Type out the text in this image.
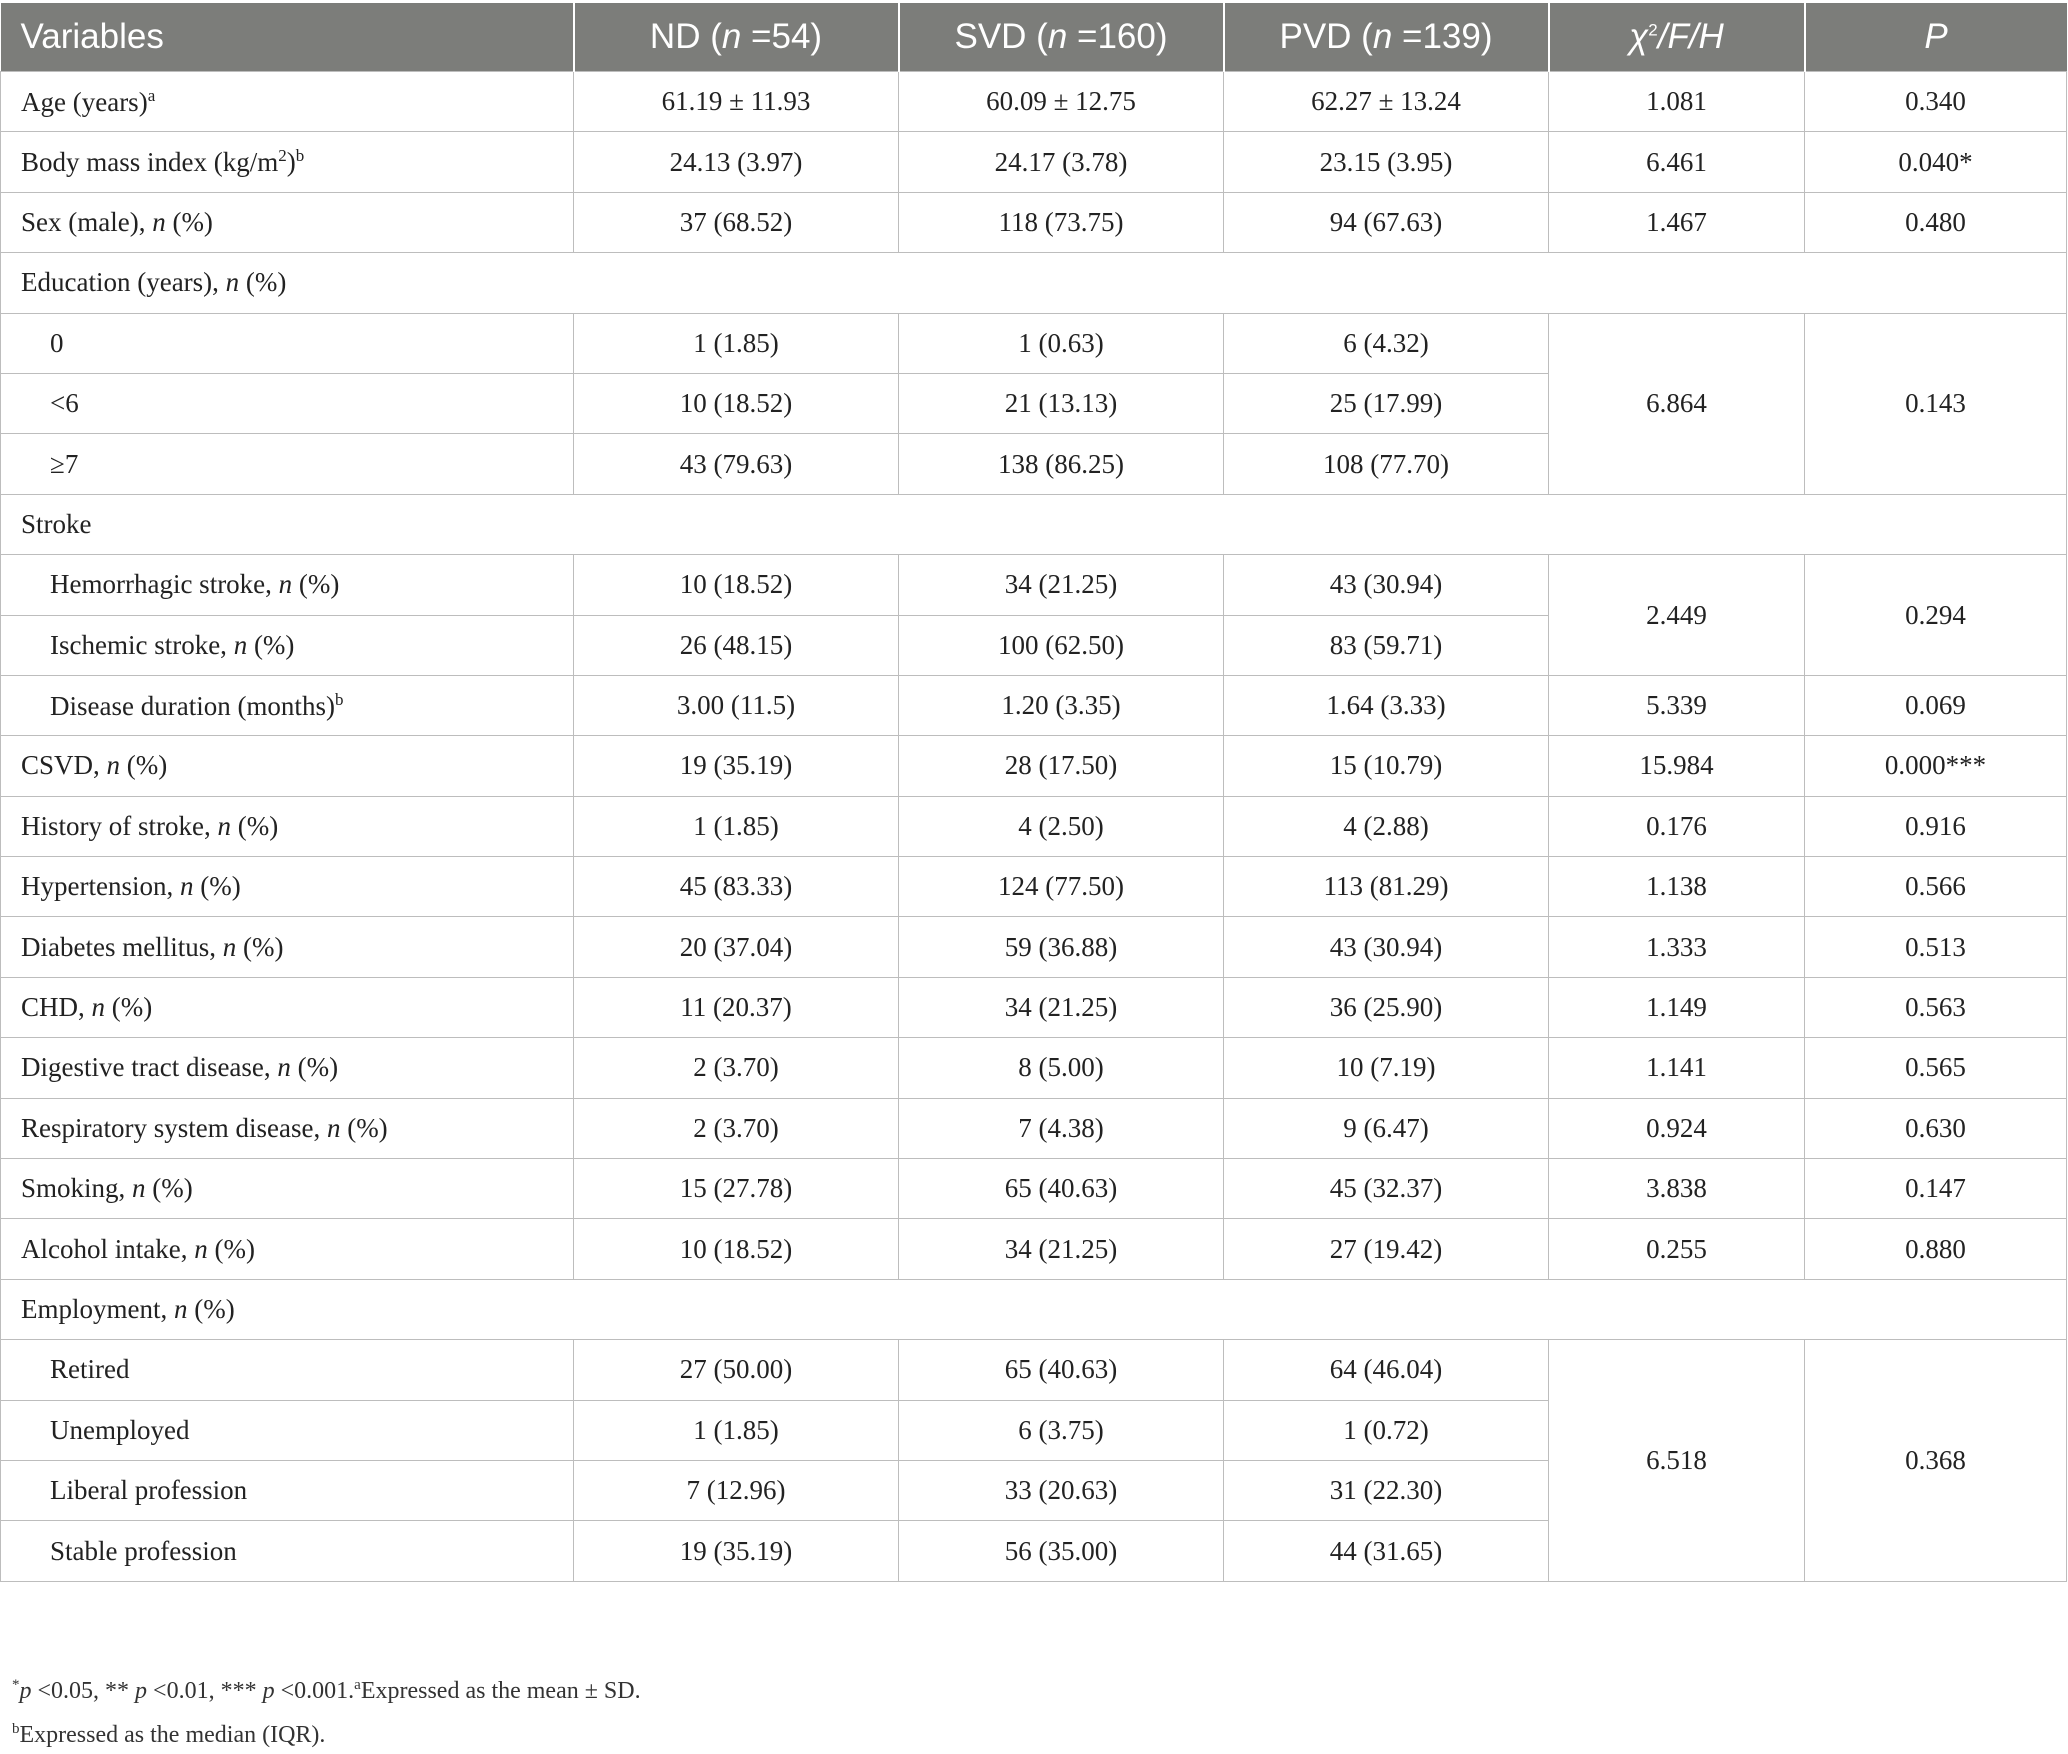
Variables	ND (n =54)	SVD (n =160)	PVD (n =139)	$\chi^2/F/H$	P
Age (years)$^a$	61.19 ± 11.93	60.09 ± 12.75	62.27 ± 13.24	1.081	0.340
Body mass index $(kg/m^2)^b$	24.13 (3.97)	24.17 (3.78)	23.15 (3.95)	6.461	0.040*
Sex (male), n (%)	37 (68.52)	118 (73.75)	94 (67.63)	1.467	0.480
Education (years), n (%)					
0	1 (1.85)	1 (0.63)	6 (4.32)	6.864	0.143
<6	10 (18.52)	21 (13.13)	25 (17.99)		
≥7	43 (79.63)	138 (86.25)	108 (77.70)		
Stroke					
Hemorrhagic stroke, n (%)	10 (18.52)	34 (21.25)	43 (30.94)	2.449	0.294
Ischemic stroke, n (%)	26 (48.15)	100 (62.50)	83 (59.71)		
Disease duration (months)$^b$	3.00 (11.5)	1.20 (3.35)	1.64 (3.33)	5.339	0.069
CSVD, n (%)	19 (35.19)	28 (17.50)	15 (10.79)	15.984	0.000***
History of stroke, n (%)	1 (1.85)	4 (2.50)	4 (2.88)	0.176	0.916
Hypertension, n (%)	45 (83.33)	124 (77.50)	113 (81.29)	1.138	0.566
Diabetes mellitus, n (%)	20 (37.04)	59 (36.88)	43 (30.94)	1.333	0.513
CHD, n (%)	11 (20.37)	34 (21.25)	36 (25.90)	1.149	0.563
Digestive tract disease, n (%)	2 (3.70)	8 (5.00)	10 (7.19)	1.141	0.565
Respiratory system disease, n (%)	2 (3.70)	7 (4.38)	9 (6.47)	0.924	0.630
Smoking, n (%)	15 (27.78)	65 (40.63)	45 (32.37)	3.838	0.147
Alcohol intake, n (%)	10 (18.52)	34 (21.25)	27 (19.42)	0.255	0.880
Employment, n (%)					
Retired	27 (50.00)	65 (40.63)	64 (46.04)	6.518	0.368
Unemployed	1 (1.85)	6 (3.75)	1 (0.72)		
Liberal profession	7 (12.96)	33 (20.63)	31 (22.30)		
Stable profession	19 (35.19)	56 (35.00)	44 (31.65)		
*p <0.05, ** p <0.01, *** p <0.001.$^a$Expressed as the mean ± SD.
$^b$Expressed as the median (IQR).
